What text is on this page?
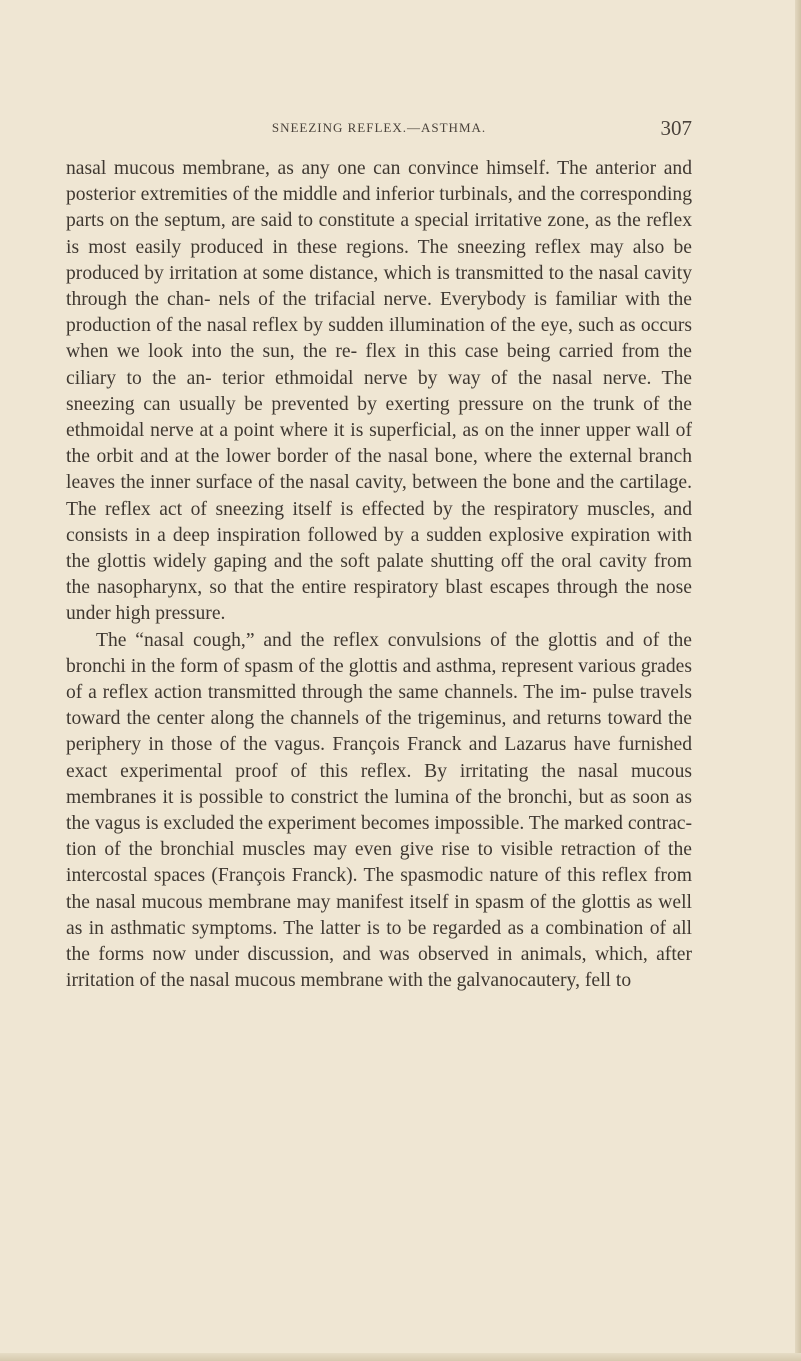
SNEEZING REFLEX.—ASTHMA.	307

nasal mucous membrane, as any one can convince himself. The anterior and posterior extremities of the middle and inferior turbinals, and the corresponding parts on the septum, are said to constitute a special irritative zone, as the reflex is most easily produced in these regions. The sneezing reflex may also be produced by irritation at some distance, which is transmitted to the nasal cavity through the chan- nels of the trifacial nerve. Everybody is familiar with the production of the nasal reflex by sudden illumination of the eye, such as occurs when we look into the sun, the re- flex in this case being carried from the ciliary to the an- terior ethmoidal nerve by way of the nasal nerve. The sneezing can usually be prevented by exerting pressure on the trunk of the ethmoidal nerve at a point where it is superficial, as on the inner upper wall of the orbit and at the lower border of the nasal bone, where the external branch leaves the inner surface of the nasal cavity, between the bone and the cartilage. The reflex act of sneezing itself is effected by the respiratory muscles, and consists in a deep inspiration followed by a sudden explosive expiration with the glottis widely gaping and the soft palate shutting off the oral cavity from the nasopharynx, so that the entire respiratory blast escapes through the nose under high pressure.

The “nasal cough,” and the reflex convulsions of the glottis and of the bronchi in the form of spasm of the glottis and asthma, represent various grades of a reflex action transmitted through the same channels. The im- pulse travels toward the center along the channels of the trigeminus, and returns toward the periphery in those of the vagus. François Franck and Lazarus have furnished exact experimental proof of this reflex. By irritating the nasal mucous membranes it is possible to constrict the lumina of the bronchi, but as soon as the vagus is excluded the experiment becomes impossible. The marked contrac- tion of the bronchial muscles may even give rise to visible retraction of the intercostal spaces (François Franck). The spasmodic nature of this reflex from the nasal mucous membrane may manifest itself in spasm of the glottis as well as in asthmatic symptoms. The latter is to be regarded as a combination of all the forms now under discussion, and was observed in animals, which, after irritation of the nasal mucous membrane with the galvanocautery, fell to
